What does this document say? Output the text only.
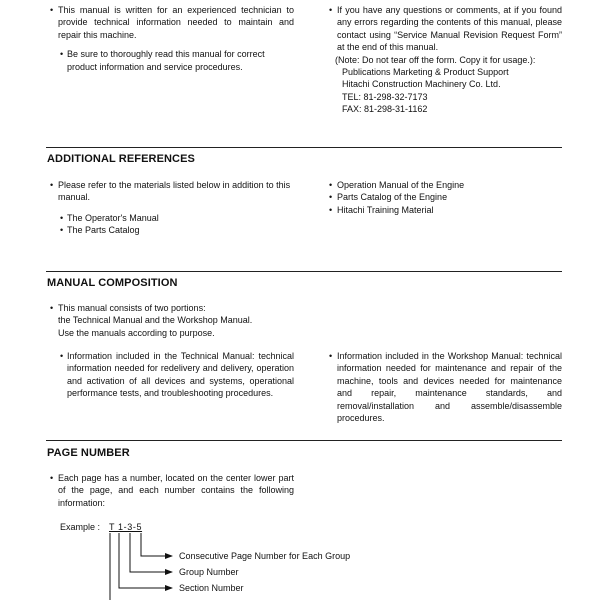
• This manual is written for an experienced technician to provide technical information needed to maintain and repair this machine.

• Be sure to thoroughly read this manual for correct product information and service procedures.

• If you have any questions or comments, at if you found any errors regarding the contents of this manual, please contact using “Service Manual Revision Request Form” at the end of this manual.

(Note: Do not tear off the form. Copy it for usage.):

Publications Marketing & Product Support
Hitachi Construction Machinery Co. Ltd.
TEL: 81-298-32-7173
FAX: 81-298-31-1162
ADDITIONAL REFERENCES

• Please refer to the materials listed below in addition to this manual.

• The Operator's Manual

• The Parts Catalog

• Operation Manual of the Engine

• Parts Catalog of the Engine

• Hitachi Training Material

MANUAL COMPOSITION

• This manual consists of two portions:

the Technical Manual and the Workshop Manual.

Use the manuals according to purpose.

• Information included in the Technical Manual: technical information needed for redelivery and delivery, operation and activation of all devices and systems, operational performance tests, and troubleshooting procedures.

• Information included in the Workshop Manual: technical information needed for maintenance and repair of the machine, tools and devices needed for maintenance and repair, maintenance standards, and removal/installation and assemble/disassemble procedures.

PAGE NUMBER

• Each page has a number, located on the center lower part of the page, and each number contains the following information:

Example : T 1-3-5
Consecutive Page Number for Each Group
Group Number
Section Number
